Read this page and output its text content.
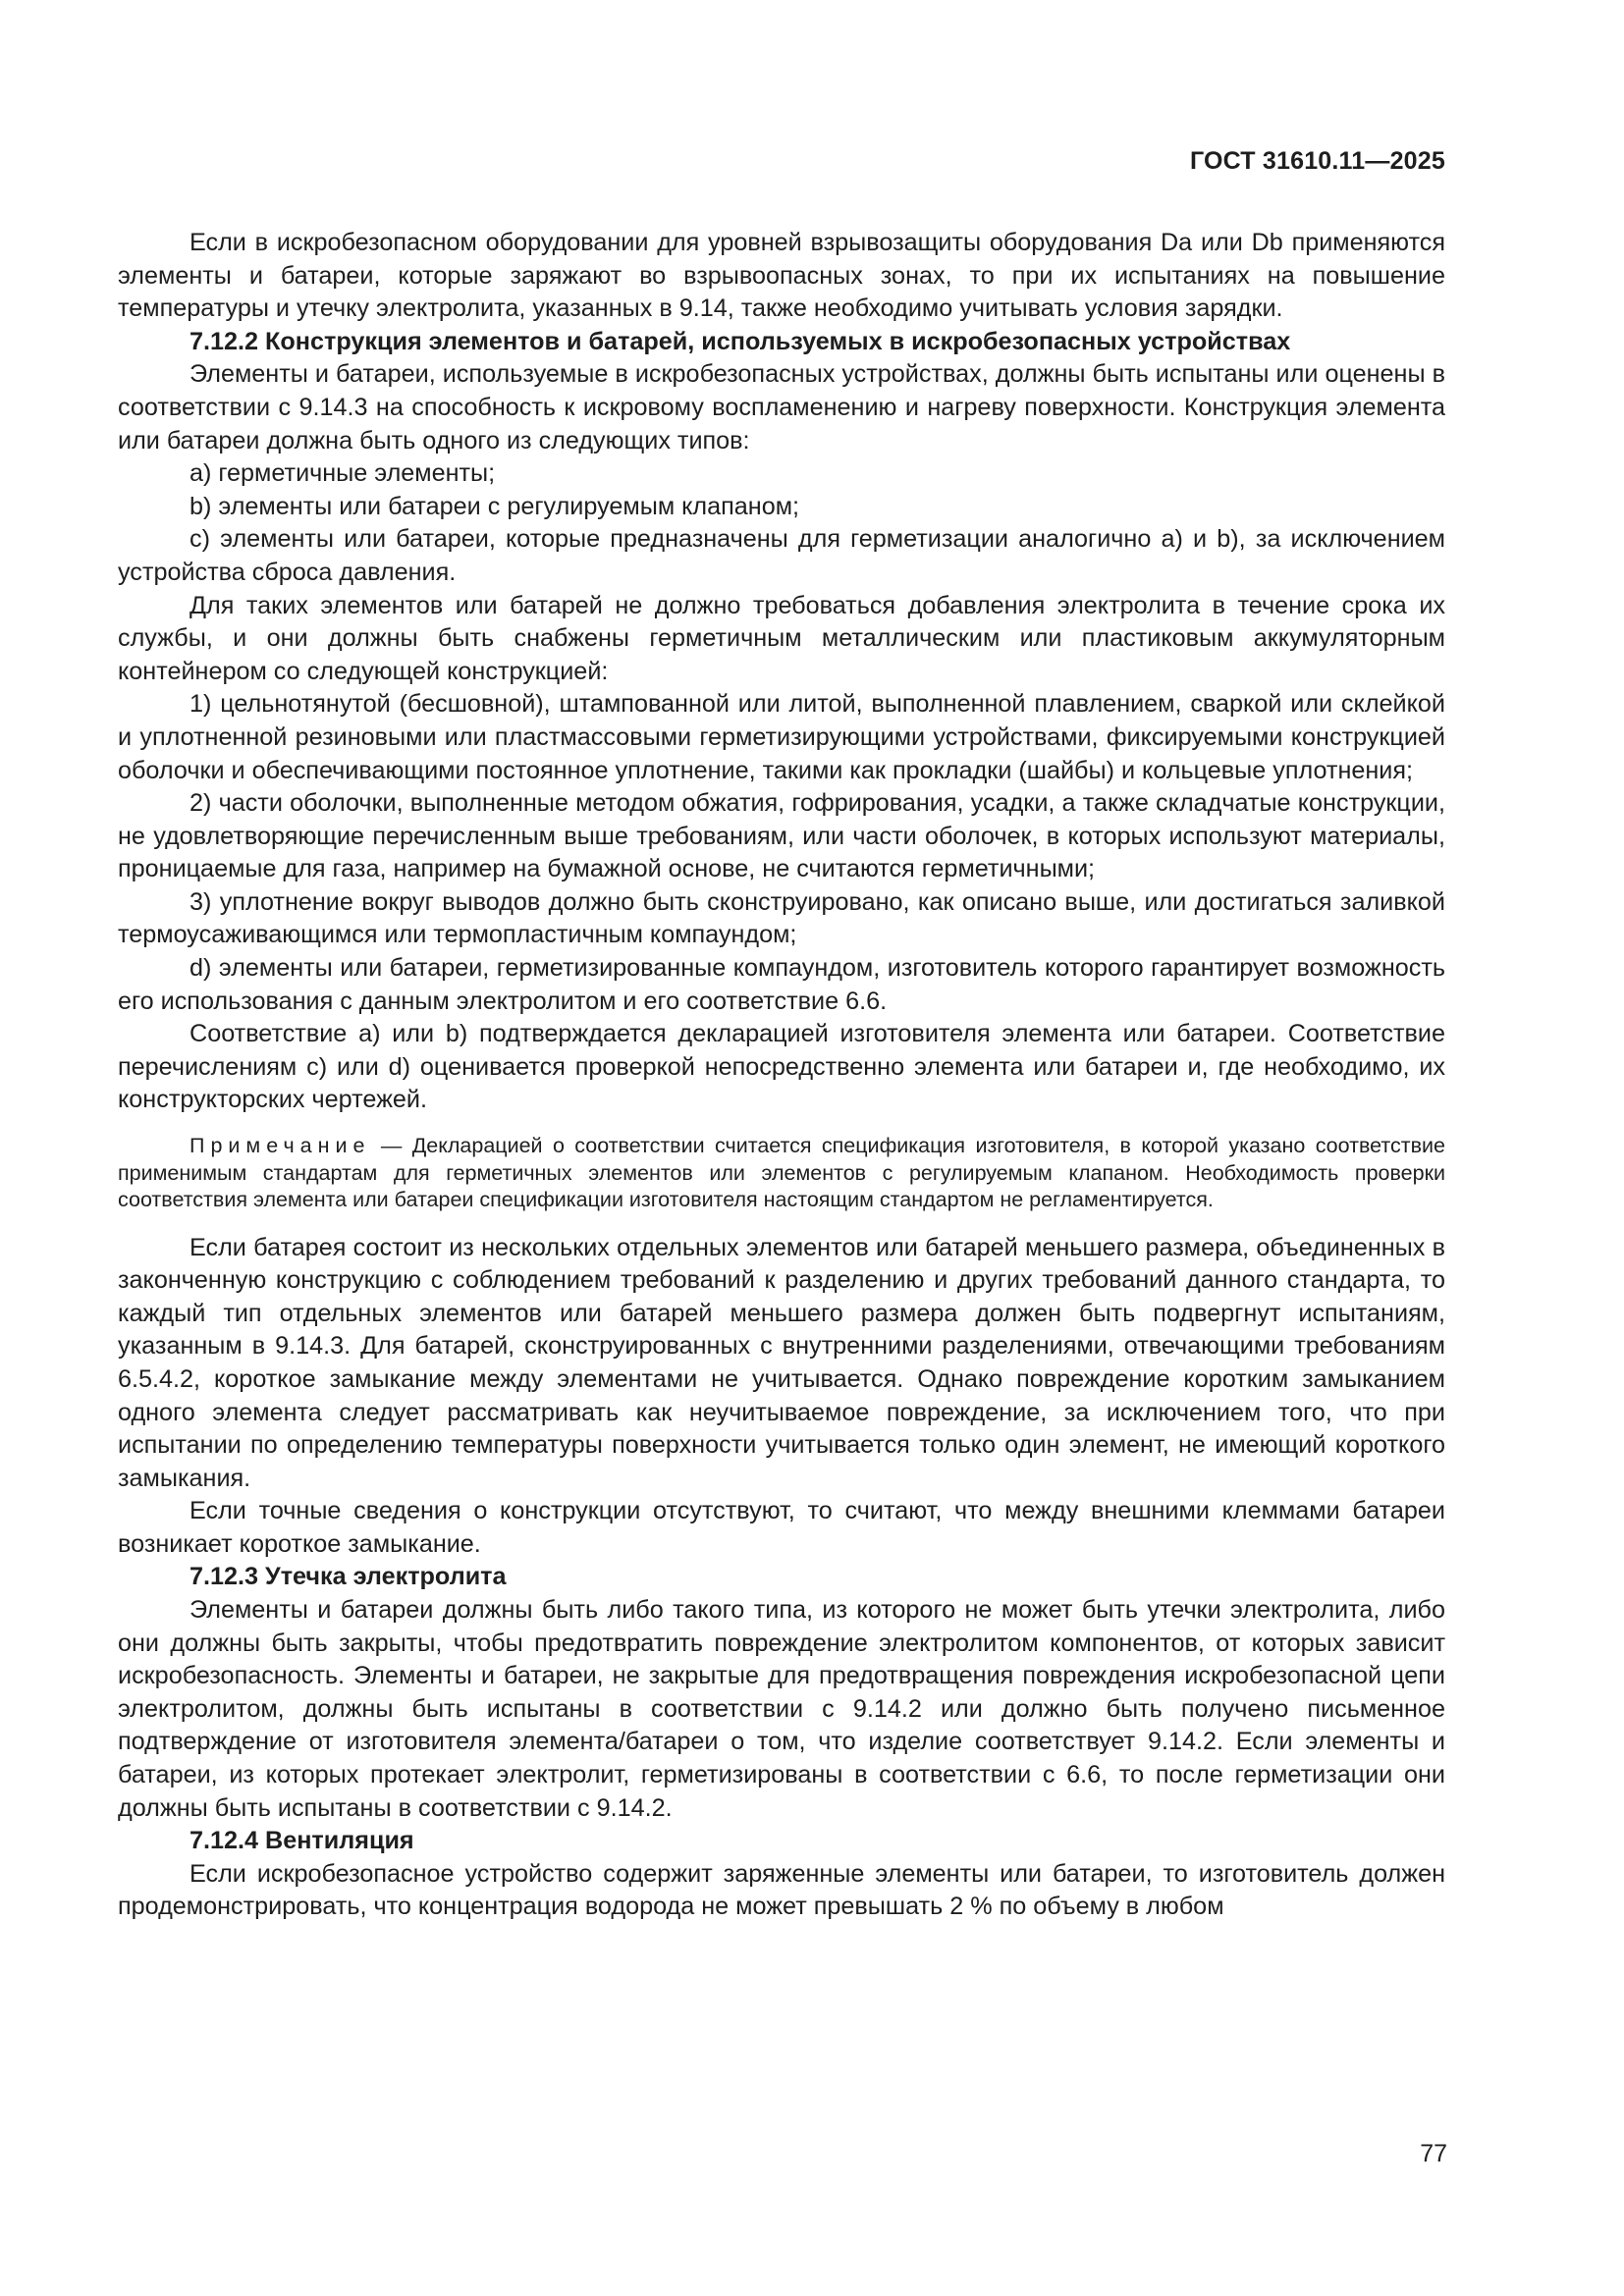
ГОСТ 31610.11—2025

Если в искробезопасном оборудовании для уровней взрывозащиты оборудования Da или Db применяются элементы и батареи, которые заряжают во взрывоопасных зонах, то при их испытаниях на повышение температуры и утечку электролита, указанных в 9.14, также необходимо учитывать условия зарядки.

7.12.2 Конструкция элементов и батарей, используемых в искробезопасных устройствах

Элементы и батареи, используемые в искробезопасных устройствах, должны быть испытаны или оценены в соответствии с 9.14.3 на способность к искровому воспламенению и нагреву поверхности. Конструкция элемента или батареи должна быть одного из следующих типов:

a) герметичные элементы;

b) элементы или батареи с регулируемым клапаном;

c) элементы или батареи, которые предназначены для герметизации аналогично a) и b), за исключением устройства сброса давления.

Для таких элементов или батарей не должно требоваться добавления электролита в течение срока их службы, и они должны быть снабжены герметичным металлическим или пластиковым аккумуляторным контейнером со следующей конструкцией:

1) цельнотянутой (бесшовной), штампованной или литой, выполненной плавлением, сваркой или склейкой и уплотненной резиновыми или пластмассовыми герметизирующими устройствами, фиксируемыми конструкцией оболочки и обеспечивающими постоянное уплотнение, такими как прокладки (шайбы) и кольцевые уплотнения;

2) части оболочки, выполненные методом обжатия, гофрирования, усадки, а также складчатые конструкции, не удовлетворяющие перечисленным выше требованиям, или части оболочек, в которых используют материалы, проницаемые для газа, например на бумажной основе, не считаются герметичными;

3) уплотнение вокруг выводов должно быть сконструировано, как описано выше, или достигаться заливкой термоусаживающимся или термопластичным компаундом;

d) элементы или батареи, герметизированные компаундом, изготовитель которого гарантирует возможность его использования с данным электролитом и его соответствие 6.6.

Соответствие a) или b) подтверждается декларацией изготовителя элемента или батареи. Соответствие перечислениям c) или d) оценивается проверкой непосредственно элемента или батареи и, где необходимо, их конструкторских чертежей.

Примечание — Декларацией о соответствии считается спецификация изготовителя, в которой указано соответствие применимым стандартам для герметичных элементов или элементов с регулируемым клапаном. Необходимость проверки соответствия элемента или батареи спецификации изготовителя настоящим стандартом не регламентируется.

Если батарея состоит из нескольких отдельных элементов или батарей меньшего размера, объединенных в законченную конструкцию с соблюдением требований к разделению и других требований данного стандарта, то каждый тип отдельных элементов или батарей меньшего размера должен быть подвергнут испытаниям, указанным в 9.14.3. Для батарей, сконструированных с внутренними разделениями, отвечающими требованиям 6.5.4.2, короткое замыкание между элементами не учитывается. Однако повреждение коротким замыканием одного элемента следует рассматривать как неучитываемое повреждение, за исключением того, что при испытании по определению температуры поверхности учитывается только один элемент, не имеющий короткого замыкания.

Если точные сведения о конструкции отсутствуют, то считают, что между внешними клеммами батареи возникает короткое замыкание.

7.12.3 Утечка электролита

Элементы и батареи должны быть либо такого типа, из которого не может быть утечки электролита, либо они должны быть закрыты, чтобы предотвратить повреждение электролитом компонентов, от которых зависит искробезопасность. Элементы и батареи, не закрытые для предотвращения повреждения искробезопасной цепи электролитом, должны быть испытаны в соответствии с 9.14.2 или должно быть получено письменное подтверждение от изготовителя элемента/батареи о том, что изделие соответствует 9.14.2. Если элементы и батареи, из которых протекает электролит, герметизированы в соответствии с 6.6, то после герметизации они должны быть испытаны в соответствии с 9.14.2.

7.12.4 Вентиляция

Если искробезопасное устройство содержит заряженные элементы или батареи, то изготовитель должен продемонстрировать, что концентрация водорода не может превышать 2 % по объему в любом

77
